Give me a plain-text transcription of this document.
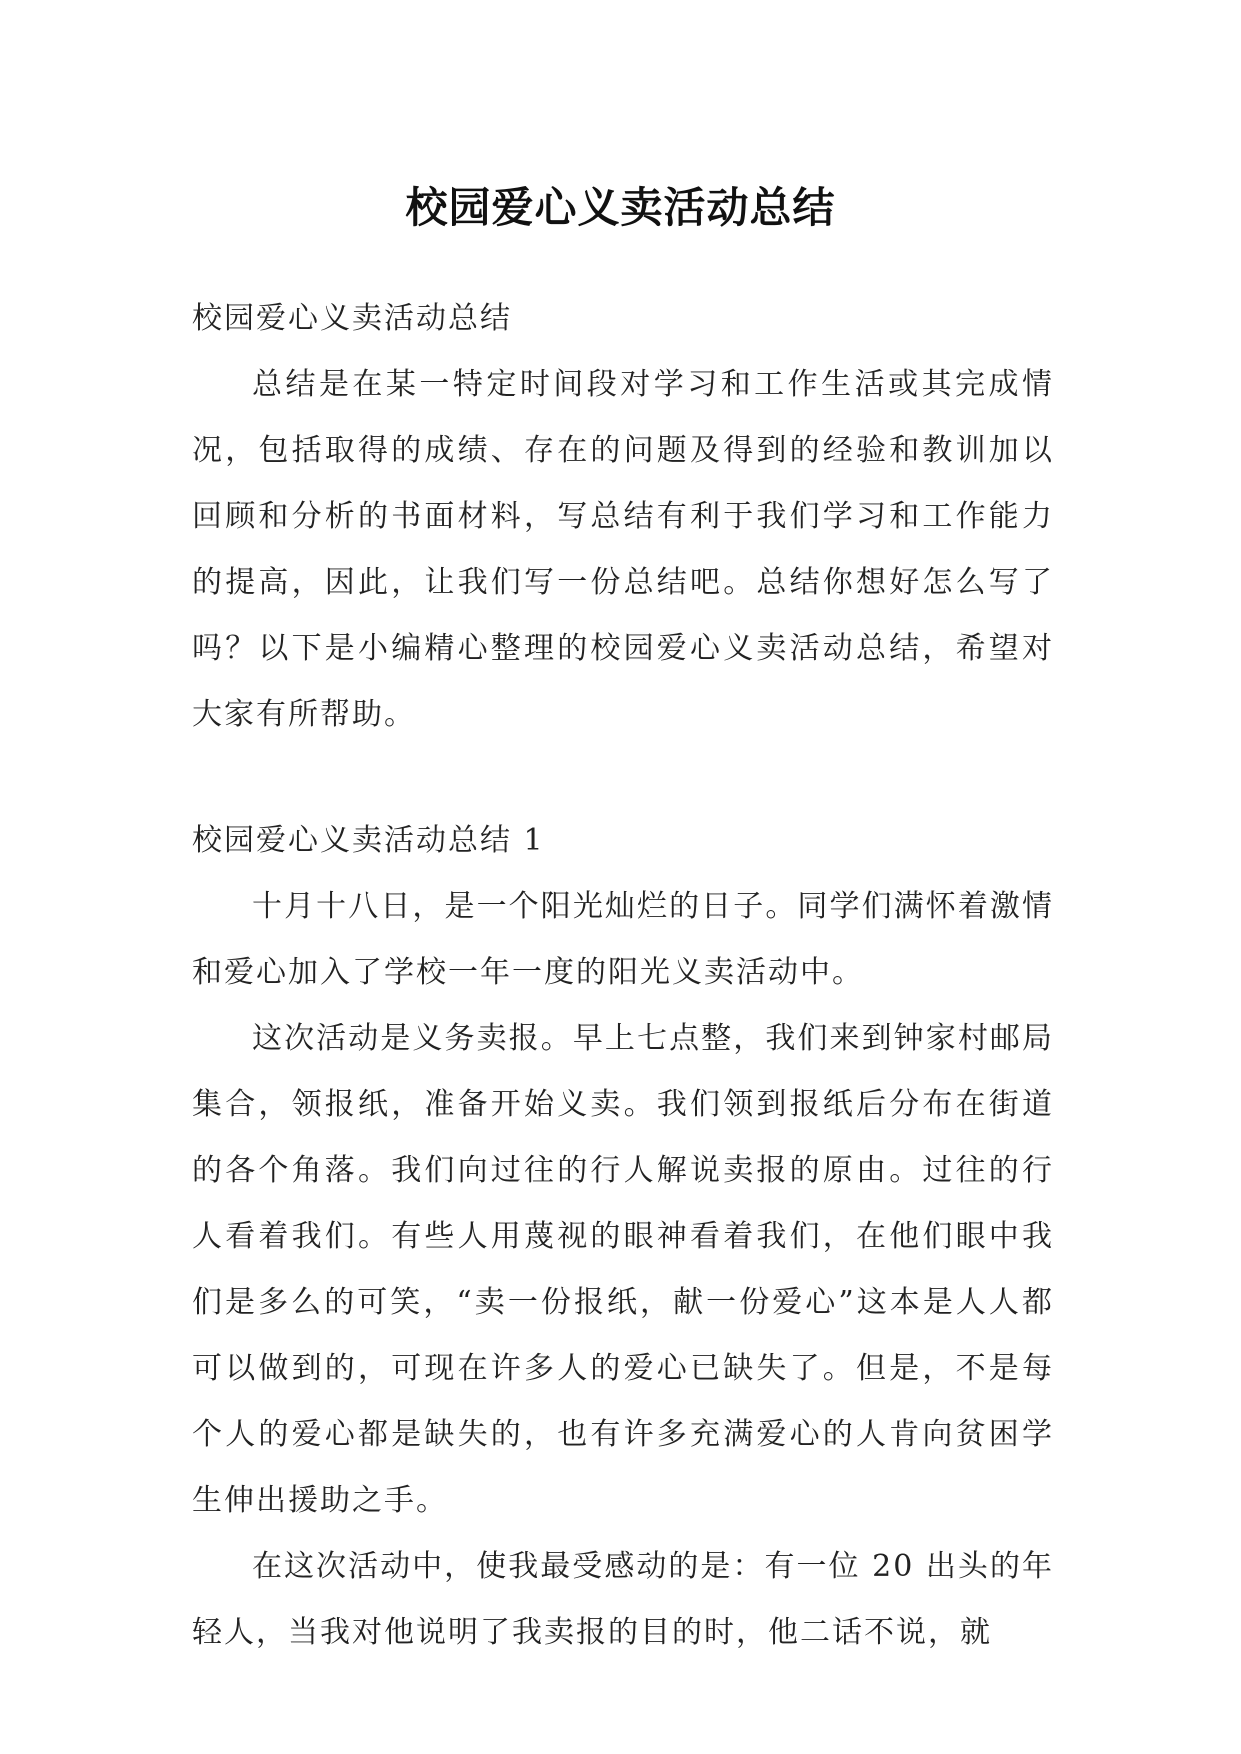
校园爱心义卖活动总结

校园爱心义卖活动总结

总结是在某一特定时间段对学习和工作生活或其完成情况，包括取得的成绩、存在的问题及得到的经验和教训加以回顾和分析的书面材料，写总结有利于我们学习和工作能力的提高，因此，让我们写一份总结吧。总结你想好怎么写了吗？以下是小编精心整理的校园爱心义卖活动总结，希望对大家有所帮助。

校园爱心义卖活动总结 1

十月十八日，是一个阳光灿烂的日子。同学们满怀着激情和爱心加入了学校一年一度的阳光义卖活动中。

这次活动是义务卖报。早上七点整，我们来到钟家村邮局集合，领报纸，准备开始义卖。我们领到报纸后分布在街道的各个角落。我们向过往的行人解说卖报的原由。过往的行人看着我们。有些人用蔑视的眼神看着我们，在他们眼中我们是多么的可笑，“卖一份报纸，献一份爱心”这本是人人都可以做到的，可现在许多人的爱心已缺失了。但是，不是每个人的爱心都是缺失的，也有许多充满爱心的人肯向贫困学生伸出援助之手。

在这次活动中，使我最受感动的是：有一位 20 出头的年轻人，当我对他说明了我卖报的目的时，他二话不说，就
